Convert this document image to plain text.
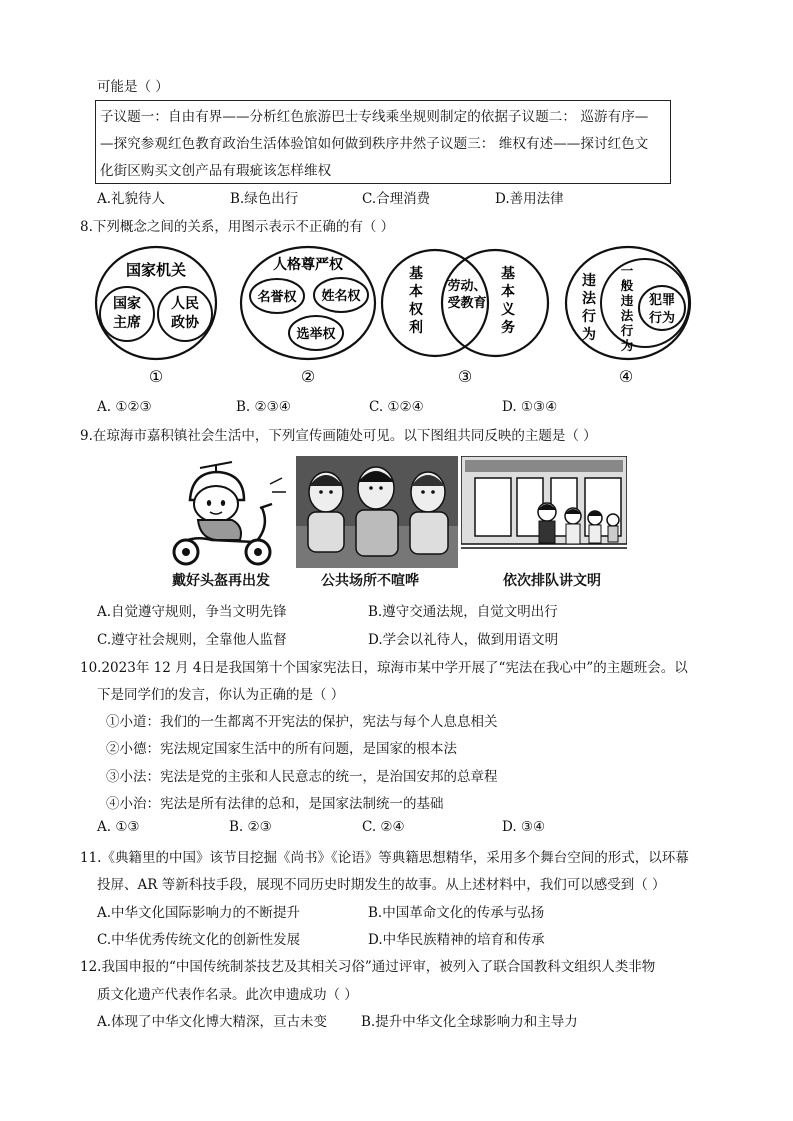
可能是（ ）
子议题一：自由有界——分析红色旅游巴士专线乘坐规则制定的依据子议题二： 巡游有序—
—探究参观红色教育政治生活体验馆如何做到秩序井然子议题三： 维权有述——探讨红色文
化街区购买文创产品有瑕疵该怎样维权
A.礼貌待人	B.绿色出行	C.合理消费	D.善用法律
8.下列概念之间的关系，用图示表示不正确的有（ ）
国家机关
国家
主席
人民
政协
①
人格尊严权
名誉权 姓名权
选举权
②
基
本
权
利
劳动、
受教育
基
本
义
务
③
违
法
行
为
一
般
违
法
行
为
犯罪
行为
④
A. ①②③	B. ②③④	C. ①②④	D. ①③④
9.在琼海市嘉积镇社会生活中，下列宣传画随处可见。以下图组共同反映的主题是（ ）
戴好头盔再出发	公共场所不喧哗	依次排队讲文明
A.自觉遵守规则，争当文明先锋	B.遵守交通法规，自觉文明出行
C.遵守社会规则，全靠他人监督	D.学会以礼待人，做到用语文明
10.2023年 12 月 4日是我国第十个国家宪法日，琼海市某中学开展了“宪法在我心中”的主题班会。以
下是同学们的发言，你认为正确的是（ ）
①小道：我们的一生都离不开宪法的保护，宪法与每个人息息相关
②小德：宪法规定国家生活中的所有问题，是国家的根本法
③小法：宪法是党的主张和人民意志的统一，是治国安邦的总章程
④小治：宪法是所有法律的总和，是国家法制统一的基础
A. ①③	B. ②③	C. ②④	D. ③④
11.《典籍里的中国》该节目挖掘《尚书》《论语》等典籍思想精华，采用多个舞台空间的形式，以环幕
投屏、AR 等新科技手段，展现不同历史时期发生的故事。从上述材料中，我们可以感受到（ ）
A.中华文化国际影响力的不断提升	B.中国革命文化的传承与弘扬
C.中华优秀传统文化的创新性发展	D.中华民族精神的培育和传承
12.我国申报的“中国传统制茶技艺及其相关习俗”通过评审，被列入了联合国教科文组织人类非物
质文化遗产代表作名录。此次申遗成功（ ）
A.体现了中华文化博大精深，亘古未变	B.提升中华文化全球影响力和主导力
